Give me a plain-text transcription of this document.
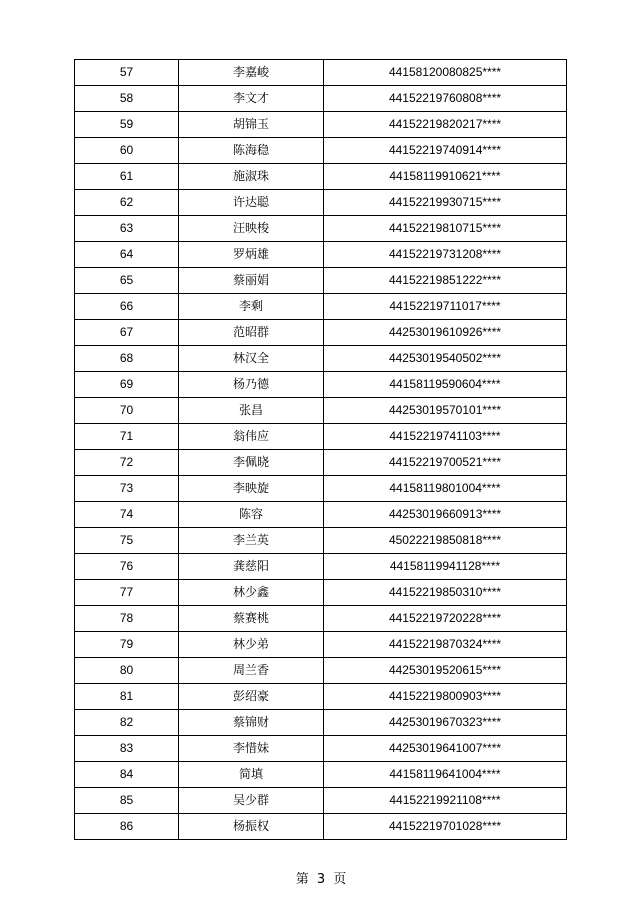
57	李嘉峻	44158120080825****
58	李文才	44152219760808****
59	胡锦玉	44152219820217****
60	陈海稳	44152219740914****
61	施淑珠	44158119910621****
62	许达聪	44152219930715****
63	汪映梭	44152219810715****
64	罗炳雄	44152219731208****
65	蔡丽娟	44152219851222****
66	李剩	44152219711017****
67	范昭群	44253019610926****
68	林汉全	44253019540502****
69	杨乃德	44158119590604****
70	张昌	44253019570101****
71	翁伟应	44152219741103****
72	李佩晓	44152219700521****
73	李映旋	44158119801004****
74	陈容	44253019660913****
75	李兰英	45022219850818****
76	龚慈阳	44158119941128****
77	林少鑫	44152219850310****
78	蔡赛桃	44152219720228****
79	林少弟	44152219870324****
80	周兰香	44253019520615****
81	彭绍豪	44152219800903****
82	蔡锦财	44253019670323****
83	李惜妹	44253019641007****
84	简填	44158119641004****
85	吴少群	44152219921108****
86	杨振权	44152219701028****
第 3 页
